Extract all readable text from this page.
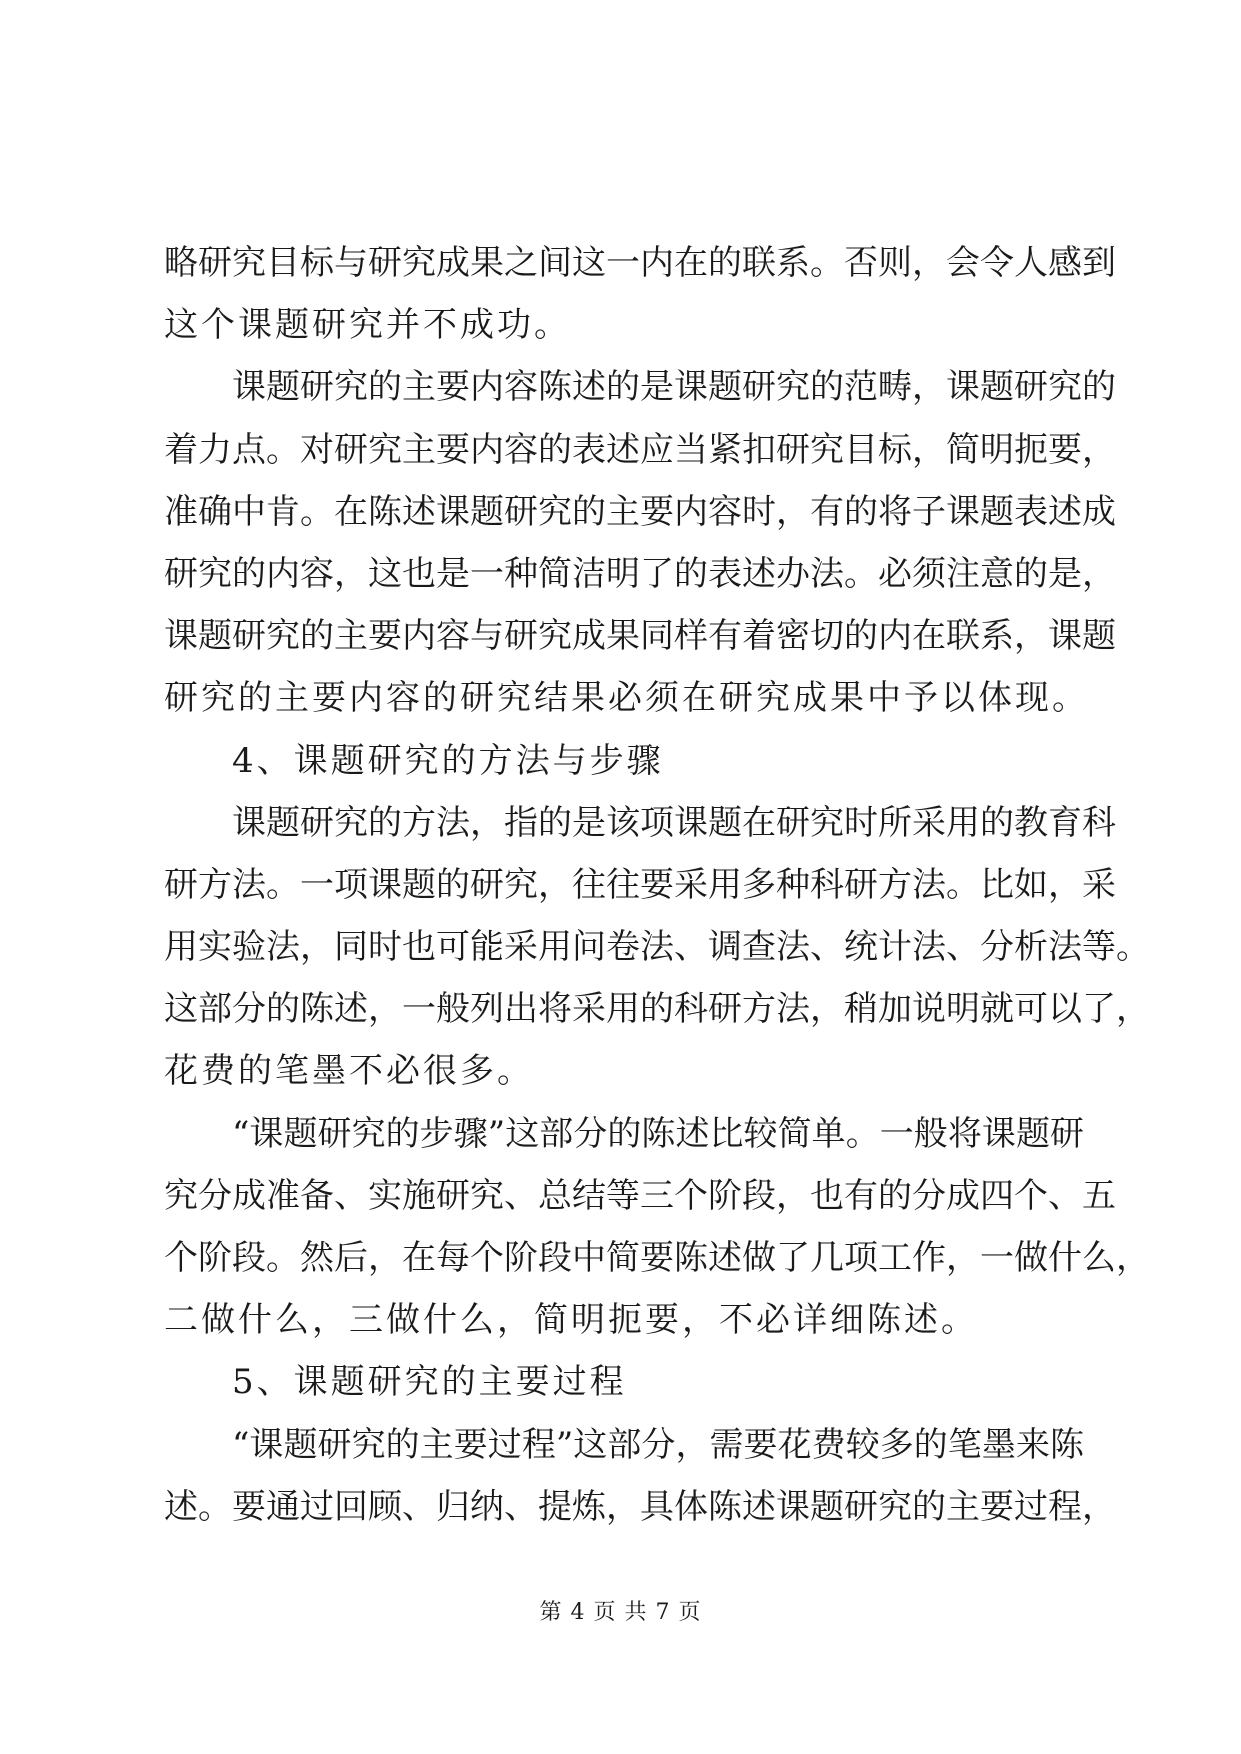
略研究目标与研究成果之间这一内在的联系。否则，会令人感到
这个课题研究并不成功。
课题研究的主要内容陈述的是课题研究的范畴，课题研究的
着力点。对研究主要内容的表述应当紧扣研究目标，简明扼要，
准确中肯。在陈述课题研究的主要内容时，有的将子课题表述成
研究的内容，这也是一种简洁明了的表述办法。必须注意的是，
课题研究的主要内容与研究成果同样有着密切的内在联系，课题
研究的主要内容的研究结果必须在研究成果中予以体现。
4、课题研究的方法与步骤
课题研究的方法，指的是该项课题在研究时所采用的教育科
研方法。一项课题的研究，往往要采用多种科研方法。比如，采
用实验法，同时也可能采用问卷法、调查法、统计法、分析法等。
这部分的陈述，一般列出将采用的科研方法，稍加说明就可以了，
花费的笔墨不必很多。
“课题研究的步骤”这部分的陈述比较简单。一般将课题研
究分成准备、实施研究、总结等三个阶段，也有的分成四个、五
个阶段。然后，在每个阶段中简要陈述做了几项工作，一做什么，
二做什么，三做什么，简明扼要，不必详细陈述。
5、课题研究的主要过程
“课题研究的主要过程”这部分，需要花费较多的笔墨来陈
述。要通过回顾、归纳、提炼，具体陈述课题研究的主要过程，
第 4 页 共 7 页
